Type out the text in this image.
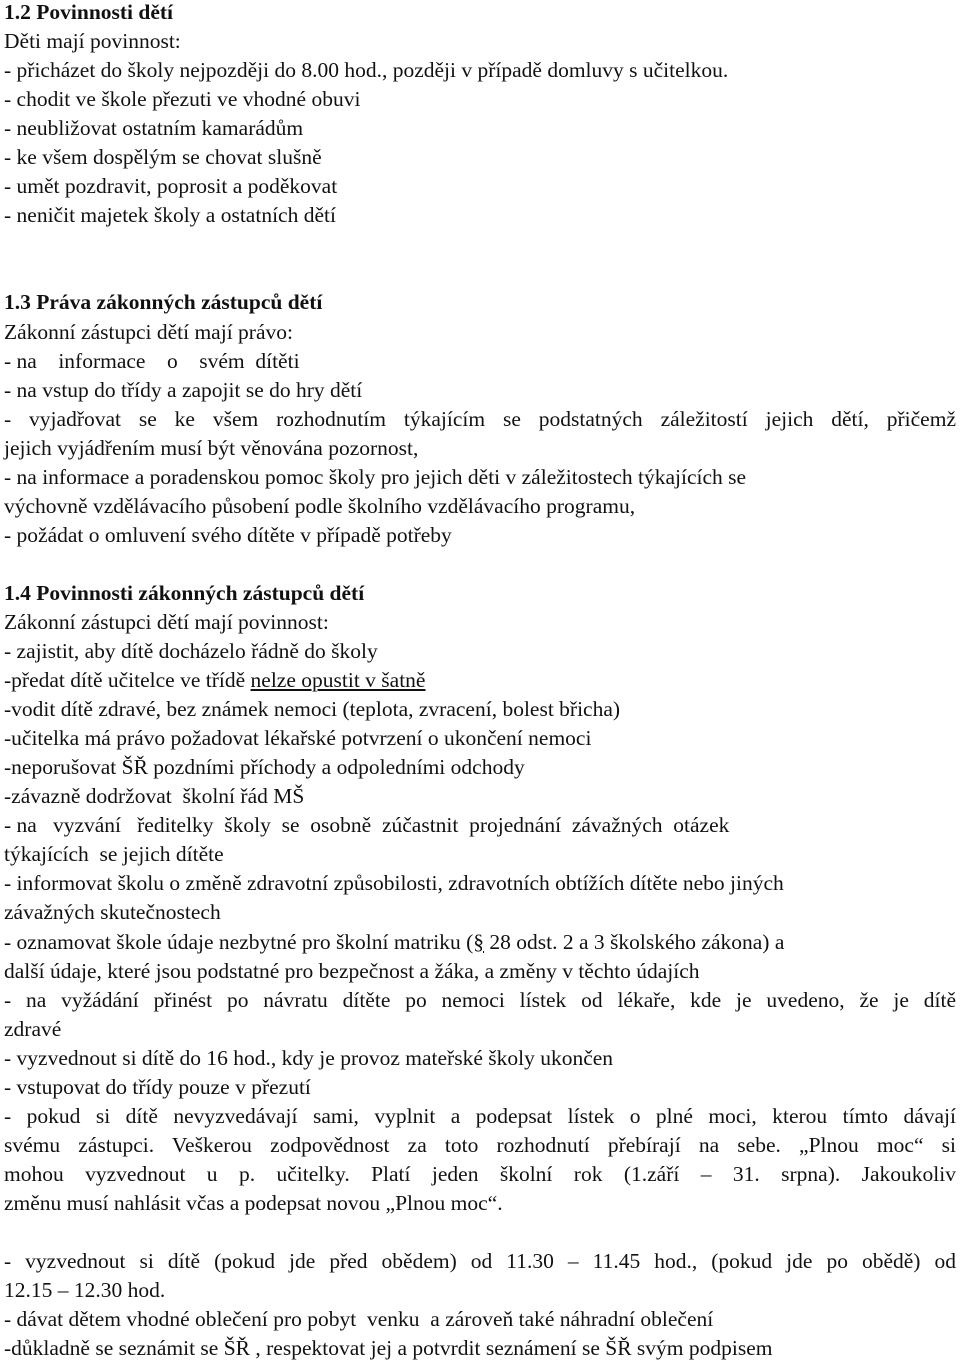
1.2 Povinnosti dětí
Děti mají povinnost:
- přicházet do školy nejpozději do 8.00 hod., později v případě domluvy s učitelkou.
- chodit ve škole přezuti ve vhodné obuvi
- neubližovat ostatním kamarádům
- ke všem dospělým se chovat slušně
- umět pozdravit, poprosit a poděkovat
- neničit majetek školy a ostatních dětí
1.3 Práva zákonných zástupců dětí
Zákonní zástupci dětí mají právo:
- na    informace    o    svém  dítěti
- na vstup do třídy a zapojit se do hry dětí
- vyjadřovat se ke všem rozhodnutím týkajícím se podstatných záležitostí jejich dětí, přičemž
jejich vyjádřením musí být věnována pozornost,
- na informace a poradenskou pomoc školy pro jejich děti v záležitostech týkajících se
výchovně vzdělávacího působení podle školního vzdělávacího programu,
- požádat o omluvení svého dítěte v případě potřeby
1.4 Povinnosti zákonných zástupců dětí
Zákonní zástupci dětí mají povinnost:
- zajistit, aby dítě docházelo řádně do školy
-předat dítě učitelce ve třídě nelze opustit v šatně
-vodit dítě zdravé, bez známek nemoci (teplota, zvracení, bolest břicha)
-učitelka má právo požadovat lékařské potvrzení o ukončení nemoci
-neporušovat ŠŘ pozdními příchody a odpoledními odchody
-závazně dodržovat  školní řád MŠ
- na   vyzvání   ředitelky  školy  se  osobně  zúčastnit  projednání  závažných  otázek
týkajících  se jejich dítěte
- informovat školu o změně zdravotní způsobilosti, zdravotních obtížích dítěte nebo jiných
závažných skutečnostech
- oznamovat škole údaje nezbytné pro školní matriku (§ 28 odst. 2 a 3 školského zákona) a
další údaje, které jsou podstatné pro bezpečnost a žáka, a změny v těchto údajích
- na vyžádání přinést po návratu dítěte po nemoci lístek od lékaře, kde je uvedeno, že je dítě
zdravé
- vyzvednout si dítě do 16 hod., kdy je provoz mateřské školy ukončen
- vstupovat do třídy pouze v přezutí
- pokud si dítě nevyzvedávají sami, vyplnit a podepsat lístek o plné moci, kterou tímto dávají
svému zástupci. Veškerou zodpovědnost za toto rozhodnutí přebírají na sebe. „Plnou moc“ si
mohou vyzvednout u p. učitelky. Platí jeden školní rok (1.září – 31. srpna). Jakoukoliv
změnu musí nahlásit včas a podepsat novou „Plnou moc“.
- vyzvednout si dítě (pokud jde před obědem) od 11.30 – 11.45 hod., (pokud jde po obědě) od
12.15 – 12.30 hod.
- dávat dětem vhodné oblečení pro pobyt  venku  a zároveň také náhradní oblečení
-důkladně se seznámit se ŠŘ , respektovat jej a potvrdit seznámení se ŠŘ svým podpisem
